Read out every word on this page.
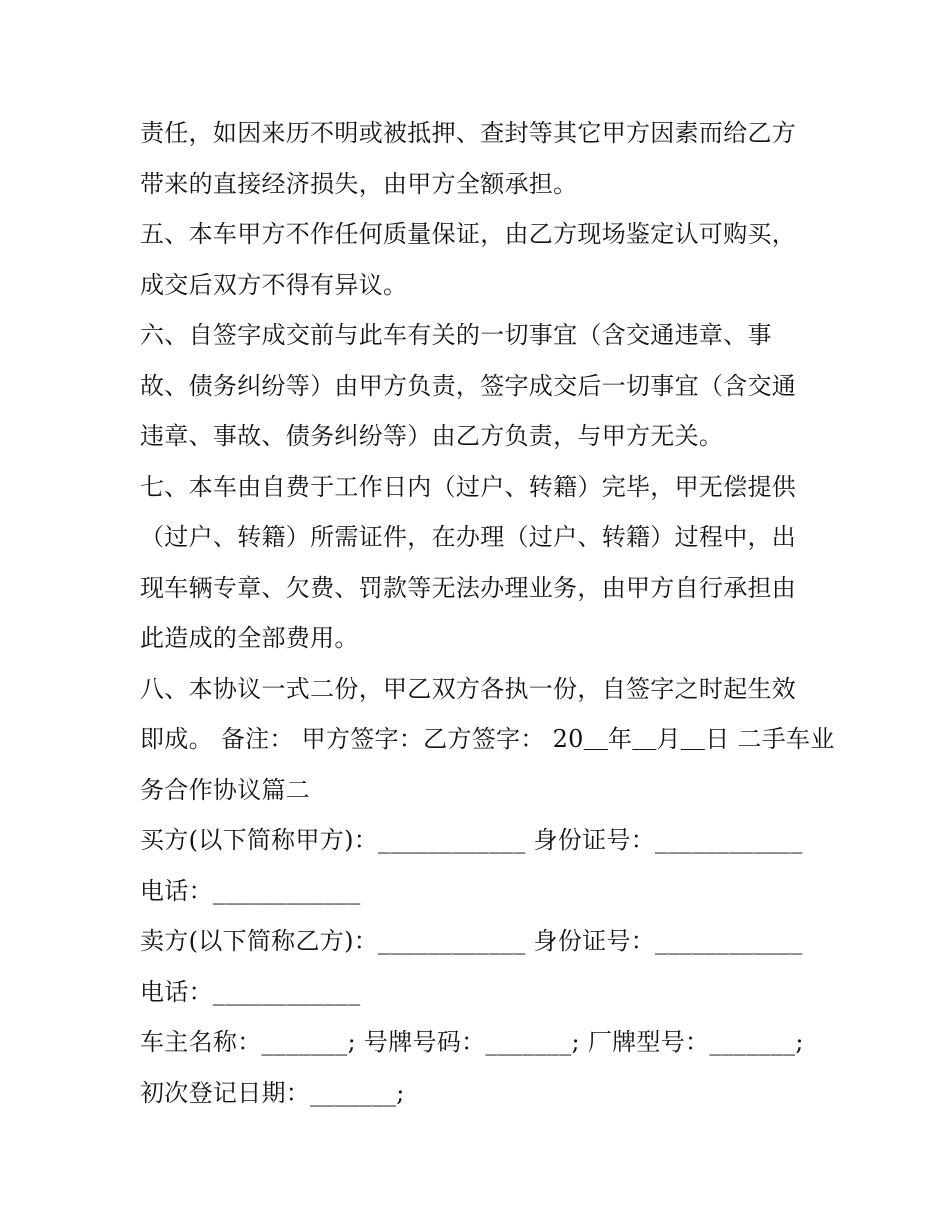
责任，如因来历不明或被抵押、查封等其它甲方因素而给乙方
带来的直接经济损失，由甲方全额承担。
五、本车甲方不作任何质量保证，由乙方现场鉴定认可购买，
成交后双方不得有异议。
六、自签字成交前与此车有关的一切事宜（含交通违章、事
故、债务纠纷等）由甲方负责，签字成交后一切事宜（含交通
违章、事故、债务纠纷等）由乙方负责，与甲方无关。
七、本车由自费于工作日内（过户、转籍）完毕，甲无偿提供
（过户、转籍）所需证件，在办理（过户、转籍）过程中，出
现车辆专章、欠费、罚款等无法办理业务，由甲方自行承担由
此造成的全部费用。
八、本协议一式二份，甲乙双方各执一份，自签字之时起生效
即成。 备注： 甲方签字：乙方签字： 20＿年＿月＿日 二手车业
务合作协议篇二
买方(以下简称甲方)：____________ 身份证号：____________
电话：____________
卖方(以下简称乙方)：____________ 身份证号：____________
电话：____________
车主名称：_______; 号牌号码：_______; 厂牌型号：_______;
初次登记日期：_______;
